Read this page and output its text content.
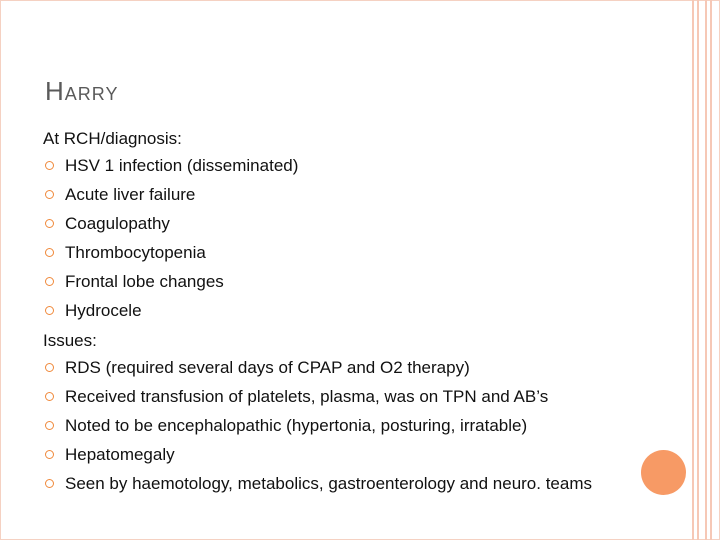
Harry
At RCH/diagnosis:
HSV 1 infection (disseminated)
Acute liver failure
Coagulopathy
Thrombocytopenia
Frontal lobe changes
Hydrocele
Issues:
RDS (required several days of CPAP and O2 therapy)
Received transfusion of platelets, plasma, was on TPN and AB’s
Noted to be encephalopathic (hypertonia, posturing, irratable)
Hepatomegaly
Seen by haemotology, metabolics, gastroenterology and neuro. teams
